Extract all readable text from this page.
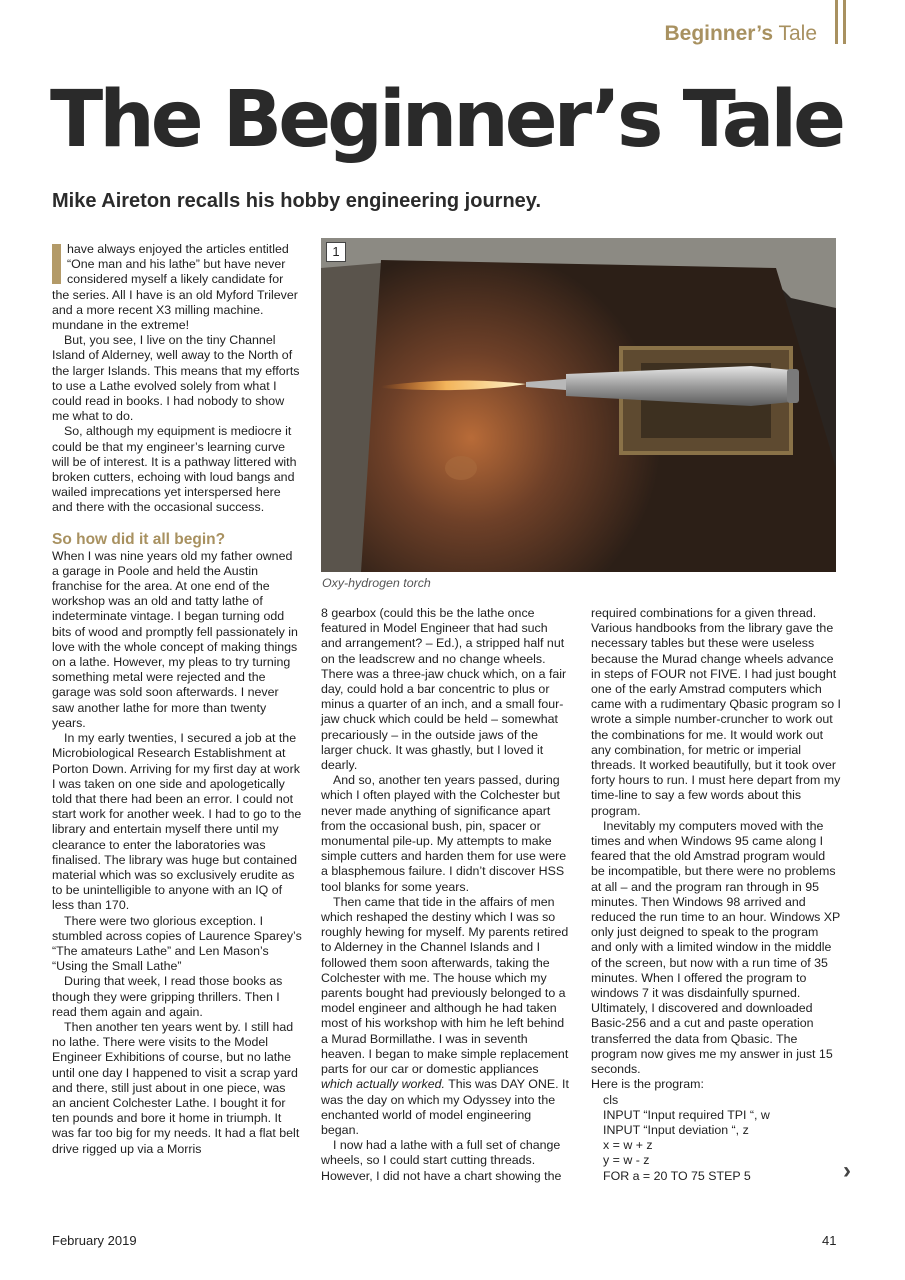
Beginner’s Tale
The Beginner’s Tale

Mike Aireton recalls his hobby engineering journey.

have always enjoyed the articles entitled “One man and his lathe” but have never considered myself a likely candidate for the series. All I have is an old Myford Trilever and a more recent X3 milling machine. mundane in the extreme!

But, you see, I live on the tiny Channel Island of Alderney, well away to the North of the larger Islands. This means that my efforts to use a Lathe evolved solely from what I could read in books. I had nobody to show me what to do.

So, although my equipment is mediocre it could be that my engineer’s learning curve will be of interest. It is a pathway littered with broken cutters, echoing with loud bangs and wailed imprecations yet interspersed here and there with the occasional success.

So how did it all begin?

When I was nine years old my father owned a garage in Poole and held the Austin franchise for the area. At one end of the workshop was an old and tatty lathe of indeterminate vintage. I began turning odd bits of wood and promptly fell passionately in love with the whole concept of making things on a lathe. However, my pleas to try turning something metal were rejected and the garage was sold soon afterwards. I never saw another lathe for more than twenty years.

In my early twenties, I secured a job at the Microbiological Research Establishment at Porton Down. Arriving for my first day at work I was taken on one side and apologetically told that there had been an error. I could not start work for another week. I had to go to the library and entertain myself there until my clearance to enter the laboratories was finalised. The library was huge but contained material which was so exclusively erudite as to be unintelligible to anyone with an IQ of less than 170.

There were two glorious exception. I stumbled across copies of Laurence Sparey’s “The amateurs Lathe” and Len Mason’s “Using the Small Lathe”

During that week, I read those books as though they were gripping thrillers. Then I read them again and again.

Then another ten years went by. I still had no lathe. There were visits to the Model Engineer Exhibitions of course, but no lathe until one day I happened to visit a scrap yard and there, still just about in one piece, was an ancient Colchester Lathe. I bought it for ten pounds and bore it home in triumph. It was far too big for my needs. It had a flat belt drive rigged up via a Morris

1

Oxy-hydrogen torch

8 gearbox (could this be the lathe once featured in Model Engineer that had such and arrangement? – Ed.), a stripped half nut on the leadscrew and no change wheels. There was a three-jaw chuck which, on a fair day, could hold a bar concentric to plus or minus a quarter of an inch, and a small four-jaw chuck which could be held – somewhat precariously – in the outside jaws of the larger chuck. It was ghastly, but I loved it dearly.

And so, another ten years passed, during which I often played with the Colchester but never made anything of significance apart from the occasional bush, pin, spacer or monumental pile-up. My attempts to make simple cutters and harden them for use were a blasphemous failure. I didn’t discover HSS tool blanks for some years.

Then came that tide in the affairs of men which reshaped the destiny which I was so roughly hewing for myself. My parents retired to Alderney in the Channel Islands and I followed them soon afterwards, taking the Colchester with me. The house which my parents bought had previously belonged to a model engineer and although he had taken most of his workshop with him he left behind a Murad Bormillathe. I was in seventh heaven. I began to make simple replacement parts for our car or domestic appliances which actually worked. This was DAY ONE. It was the day on which my Odyssey into the enchanted world of model engineering began.

I now had a lathe with a full set of change wheels, so I could start cutting threads. However, I did not have a chart showing the

required combinations for a given thread. Various handbooks from the library gave the necessary tables but these were useless because the Murad change wheels advance in steps of FOUR not FIVE. I had just bought one of the early Amstrad computers which came with a rudimentary Qbasic program so I wrote a simple number-cruncher to work out the combinations for me. It would work out any combination, for metric or imperial threads. It worked beautifully, but it took over forty hours to run. I must here depart from my time-line to say a few words about this program.

Inevitably my computers moved with the times and when Windows 95 came along I feared that the old Amstrad program would be incompatible, but there were no problems at all – and the program ran through in 95 minutes. Then Windows 98 arrived and reduced the run time to an hour. Windows XP only just deigned to speak to the program and only with a limited window in the middle of the screen, but now with a run time of 35 minutes. When I offered the program to windows 7 it was disdainfully spurned. Ultimately, I discovered and downloaded Basic-256 and a cut and paste operation transferred the data from Qbasic. The program now gives me my answer in just 15 seconds.

Here is the program:

cls

INPUT “Input required TPI “, w

INPUT “Input deviation “, z

x = w + z

y = w - z

FOR a = 20 TO 75 STEP 5	›
February 2019	41
